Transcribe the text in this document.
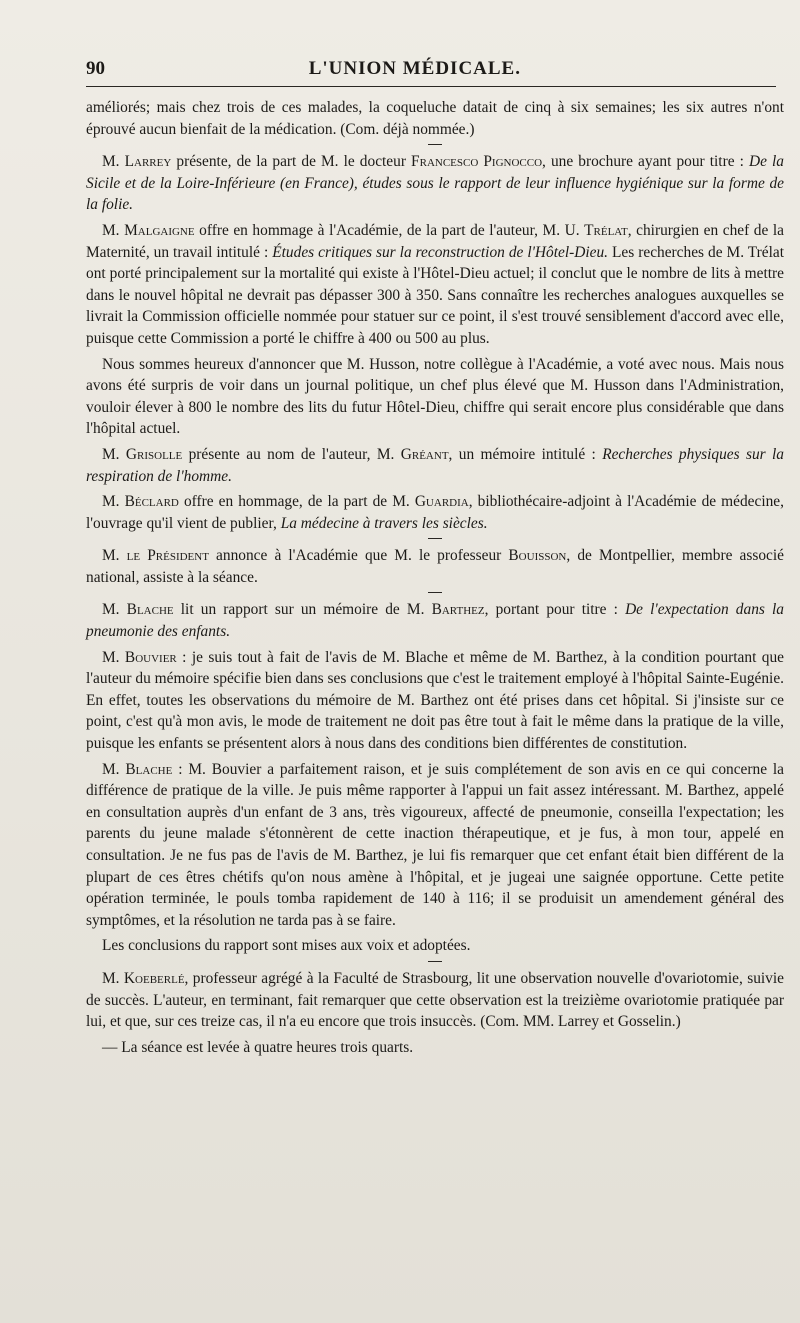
90	L'UNION MÉDICALE.

améliorés; mais chez trois de ces malades, la coqueluche datait de cinq à six semaines; les six autres n'ont éprouvé aucun bienfait de la médication. (Com. déjà nommée.)

M. Larrey présente, de la part de M. le docteur Francesco Pignocco, une brochure ayant pour titre : De la Sicile et de la Loire-Inférieure (en France), études sous le rapport de leur influence hygiénique sur la forme de la folie.

M. Malgaigne offre en hommage à l'Académie, de la part de l'auteur, M. U. Trélat, chirurgien en chef de la Maternité, un travail intitulé : Études critiques sur la reconstruction de l'Hôtel-Dieu. Les recherches de M. Trélat ont porté principalement sur la mortalité qui existe à l'Hôtel-Dieu actuel; il conclut que le nombre de lits à mettre dans le nouvel hôpital ne devrait pas dépasser 300 à 350. Sans connaître les recherches analogues auxquelles se livrait la Commission officielle nommée pour statuer sur ce point, il s'est trouvé sensiblement d'accord avec elle, puisque cette Commission a porté le chiffre à 400 ou 500 au plus.

Nous sommes heureux d'annoncer que M. Husson, notre collègue à l'Académie, a voté avec nous. Mais nous avons été surpris de voir dans un journal politique, un chef plus élevé que M. Husson dans l'Administration, vouloir élever à 800 le nombre des lits du futur Hôtel-Dieu, chiffre qui serait encore plus considérable que dans l'hôpital actuel.

M. Grisolle présente au nom de l'auteur, M. Gréant, un mémoire intitulé : Recherches physiques sur la respiration de l'homme.

M. Béclard offre en hommage, de la part de M. Guardia, bibliothécaire-adjoint à l'Académie de médecine, l'ouvrage qu'il vient de publier, La médecine à travers les siècles.

M. le Président annonce à l'Académie que M. le professeur Bouisson, de Montpellier, membre associé national, assiste à la séance.

M. Blache lit un rapport sur un mémoire de M. Barthez, portant pour titre : De l'expectation dans la pneumonie des enfants.

M. Bouvier : je suis tout à fait de l'avis de M. Blache et même de M. Barthez, à la condition pourtant que l'auteur du mémoire spécifie bien dans ses conclusions que c'est le traitement employé à l'hôpital Sainte-Eugénie. En effet, toutes les observations du mémoire de M. Barthez ont été prises dans cet hôpital. Si j'insiste sur ce point, c'est qu'à mon avis, le mode de traitement ne doit pas être tout à fait le même dans la pratique de la ville, puisque les enfants se présentent alors à nous dans des conditions bien différentes de constitution.

M. Blache : M. Bouvier a parfaitement raison, et je suis complétement de son avis en ce qui concerne la différence de pratique de la ville. Je puis même rapporter à l'appui un fait assez intéressant. M. Barthez, appelé en consultation auprès d'un enfant de 3 ans, très vigoureux, affecté de pneumonie, conseilla l'expectation; les parents du jeune malade s'étonnèrent de cette inaction thérapeutique, et je fus, à mon tour, appelé en consultation. Je ne fus pas de l'avis de M. Barthez, je lui fis remarquer que cet enfant était bien différent de la plupart de ces êtres chétifs qu'on nous amène à l'hôpital, et je jugeai une saignée opportune. Cette petite opération terminée, le pouls tomba rapidement de 140 à 116; il se produisit un amendement général des symptômes, et la résolution ne tarda pas à se faire.

Les conclusions du rapport sont mises aux voix et adoptées.

M. Koeberlé, professeur agrégé à la Faculté de Strasbourg, lit une observation nouvelle d'ovariotomie, suivie de succès. L'auteur, en terminant, fait remarquer que cette observation est la treizième ovariotomie pratiquée par lui, et que, sur ces treize cas, il n'a eu encore que trois insuccès. (Com. MM. Larrey et Gosselin.)

— La séance est levée à quatre heures trois quarts.
